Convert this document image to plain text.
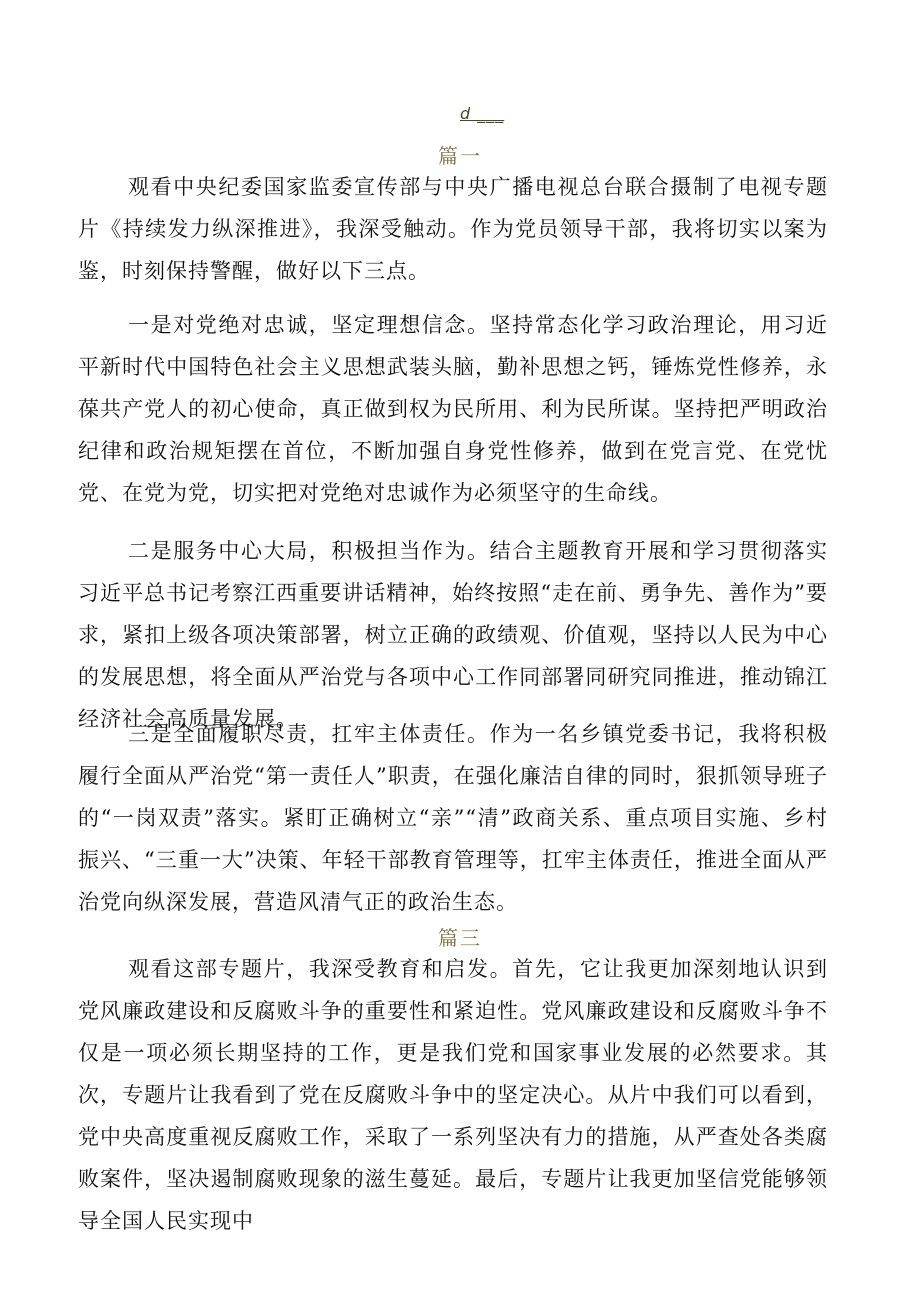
d ___
篇一

观看中央纪委国家监委宣传部与中央广播电视总台联合摄制了电视专题片《持续发力纵深推进》，我深受触动。作为党员领导干部，我将切实以案为鉴，时刻保持警醒，做好以下三点。

一是对党绝对忠诚，坚定理想信念。坚持常态化学习政治理论，用习近平新时代中国特色社会主义思想武装头脑，勤补思想之钙，锤炼党性修养，永葆共产党人的初心使命，真正做到权为民所用、利为民所谋。坚持把严明政治纪律和政治规矩摆在首位，不断加强自身党性修养，做到在党言党、在党忧党、在党为党，切实把对党绝对忠诚作为必须坚守的生命线。

二是服务中心大局，积极担当作为。结合主题教育开展和学习贯彻落实习近平总书记考察江西重要讲话精神，始终按照“走在前、勇争先、善作为”要求，紧扣上级各项决策部署，树立正确的政绩观、价值观，坚持以人民为中心的发展思想，将全面从严治党与各项中心工作同部署同研究同推进，推动锦江经济社会高质量发展。

三是全面履职尽责，扛牢主体责任。作为一名乡镇党委书记，我将积极履行全面从严治党“第一责任人”职责，在强化廉洁自律的同时，狠抓领导班子的“一岗双责”落实。紧盯正确树立“亲”“清”政商关系、重点项目实施、乡村振兴、“三重一大”决策、年轻干部教育管理等，扛牢主体责任，推进全面从严治党向纵深发展，营造风清气正的政治生态。

篇三

观看这部专题片，我深受教育和启发。首先，它让我更加深刻地认识到党风廉政建设和反腐败斗争的重要性和紧迫性。党风廉政建设和反腐败斗争不仅是一项必须长期坚持的工作，更是我们党和国家事业发展的必然要求。其次，专题片让我看到了党在反腐败斗争中的坚定决心。从片中我们可以看到，党中央高度重视反腐败工作，采取了一系列坚决有力的措施，从严查处各类腐败案件，坚决遏制腐败现象的滋生蔓延。最后，专题片让我更加坚信党能够领导全国人民实现中
